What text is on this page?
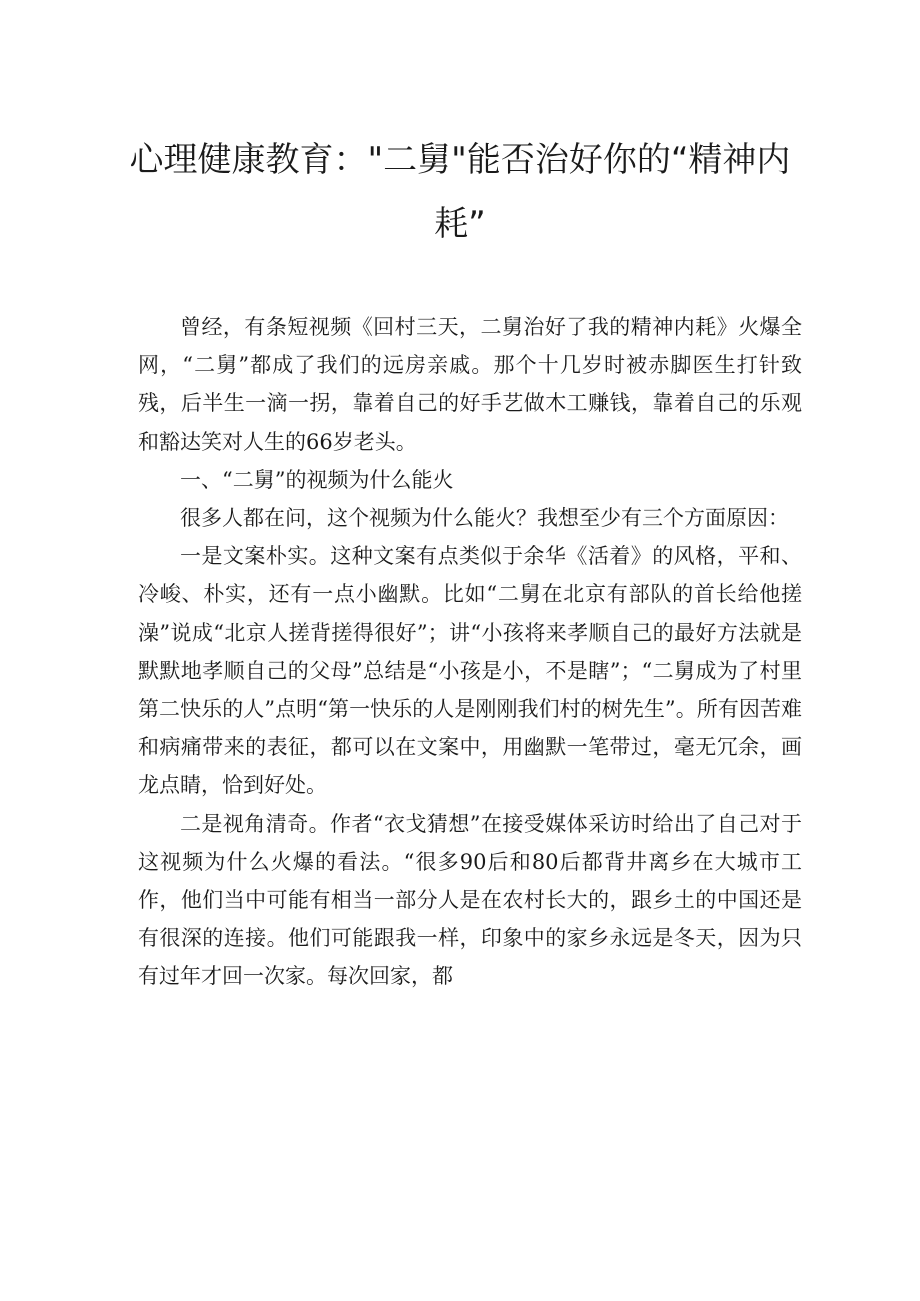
心理健康教育："二舅"能否治好你的“精神内耗”

曾经，有条短视频《回村三天，二舅治好了我的精神内耗》火爆全网，“二舅”都成了我们的远房亲戚。那个十几岁时被赤脚医生打针致残，后半生一滴一拐，靠着自己的好手艺做木工赚钱，靠着自己的乐观和豁达笑对人生的66岁老头。

一、“二舅”的视频为什么能火

很多人都在问，这个视频为什么能火？我想至少有三个方面原因：

一是文案朴实。这种文案有点类似于余华《活着》的风格，平和、冷峻、朴实，还有一点小幽默。比如“二舅在北京有部队的首长给他搓澡”说成“北京人搓背搓得很好”；讲“小孩将来孝顺自己的最好方法就是默默地孝顺自己的父母”总结是“小孩是小，不是瞎”；“二舅成为了村里第二快乐的人”点明“第一快乐的人是刚刚我们村的树先生”。所有因苦难和病痛带来的表征，都可以在文案中，用幽默一笔带过，毫无冗余，画龙点睛，恰到好处。

二是视角清奇。作者“衣戈猜想”在接受媒体采访时给出了自己对于这视频为什么火爆的看法。“很多90后和80后都背井离乡在大城市工作，他们当中可能有相当一部分人是在农村长大的，跟乡土的中国还是有很深的连接。他们可能跟我一样，印象中的家乡永远是冬天，因为只有过年才回一次家。每次回家，都
